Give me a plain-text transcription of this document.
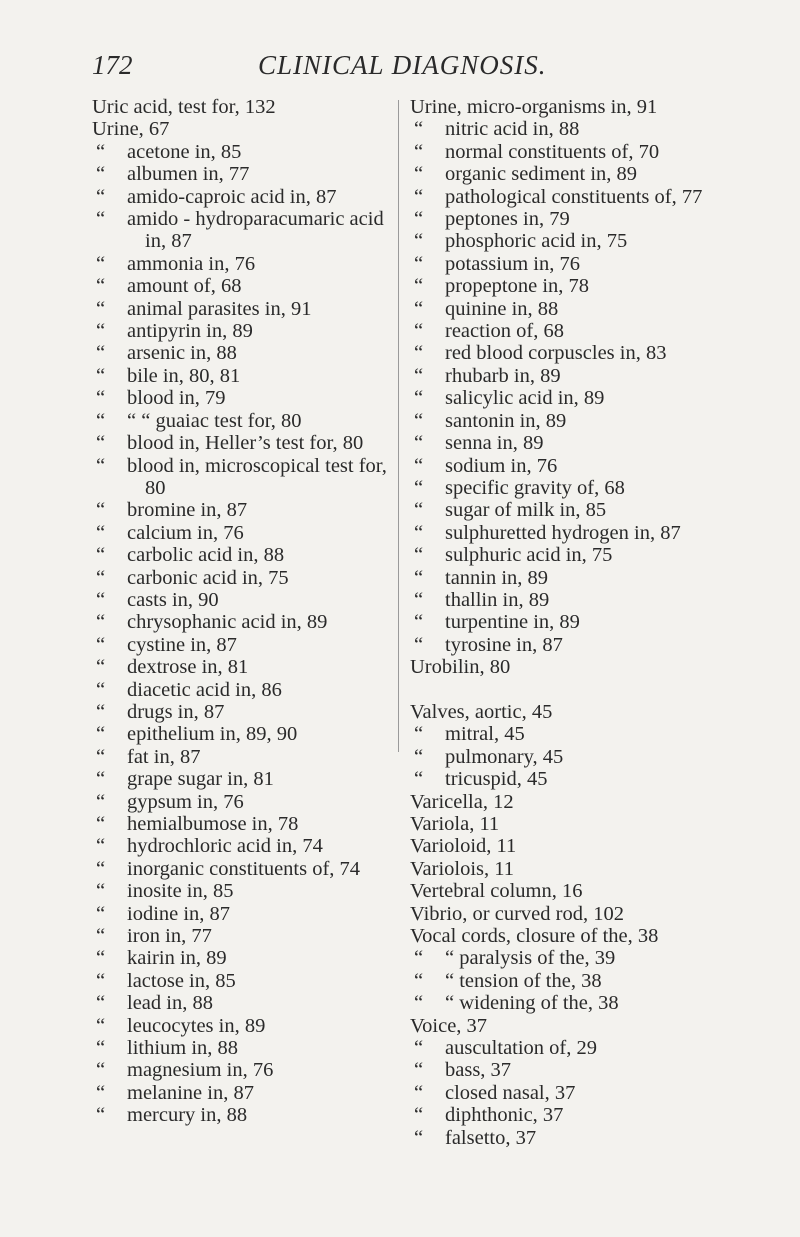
172	CLINICAL DIAGNOSIS.
Uric acid, test for, 132
Urine, 67
“ acetone in, 85
“ albumen in, 77
“ amido-caproic acid in, 87
“ amido - hydroparacumaric acid in, 87
“ ammonia in, 76
“ amount of, 68
“ animal parasites in, 91
“ antipyrin in, 89
“ arsenic in, 88
“ bile in, 80, 81
“ blood in, 79
“ “ “ guaiac test for, 80
“ blood in, Heller’s test for, 80
“ blood in, microscopical test for, 80
“ bromine in, 87
“ calcium in, 76
“ carbolic acid in, 88
“ carbonic acid in, 75
“ casts in, 90
“ chrysophanic acid in, 89
“ cystine in, 87
“ dextrose in, 81
“ diacetic acid in, 86
“ drugs in, 87
“ epithelium in, 89, 90
“ fat in, 87
“ grape sugar in, 81
“ gypsum in, 76
“ hemialbumose in, 78
“ hydrochloric acid in, 74
“ inorganic constituents of, 74
“ inosite in, 85
“ iodine in, 87
“ iron in, 77
“ kairin in, 89
“ lactose in, 85
“ lead in, 88
“ leucocytes in, 89
“ lithium in, 88
“ magnesium in, 76
“ melanine in, 87
“ mercury in, 88
Urine, micro-organisms in, 91
“ nitric acid in, 88
“ normal constituents of, 70
“ organic sediment in, 89
“ pathological constituents of, 77
“ peptones in, 79
“ phosphoric acid in, 75
“ potassium in, 76
“ propeptone in, 78
“ quinine in, 88
“ reaction of, 68
“ red blood corpuscles in, 83
“ rhubarb in, 89
“ salicylic acid in, 89
“ santonin in, 89
“ senna in, 89
“ sodium in, 76
“ specific gravity of, 68
“ sugar of milk in, 85
“ sulphuretted hydrogen in, 87
“ sulphuric acid in, 75
“ tannin in, 89
“ thallin in, 89
“ turpentine in, 89
“ tyrosine in, 87
Urobilin, 80
Valves, aortic, 45
“ mitral, 45
“ pulmonary, 45
“ tricuspid, 45
Varicella, 12
Variola, 11
Varioloid, 11
Variolois, 11
Vertebral column, 16
Vibrio, or curved rod, 102
Vocal cords, closure of the, 38
“ “ paralysis of the, 39
“ “ tension of the, 38
“ “ widening of the, 38
Voice, 37
“ auscultation of, 29
“ bass, 37
“ closed nasal, 37
“ diphthonic, 37
“ falsetto, 37
